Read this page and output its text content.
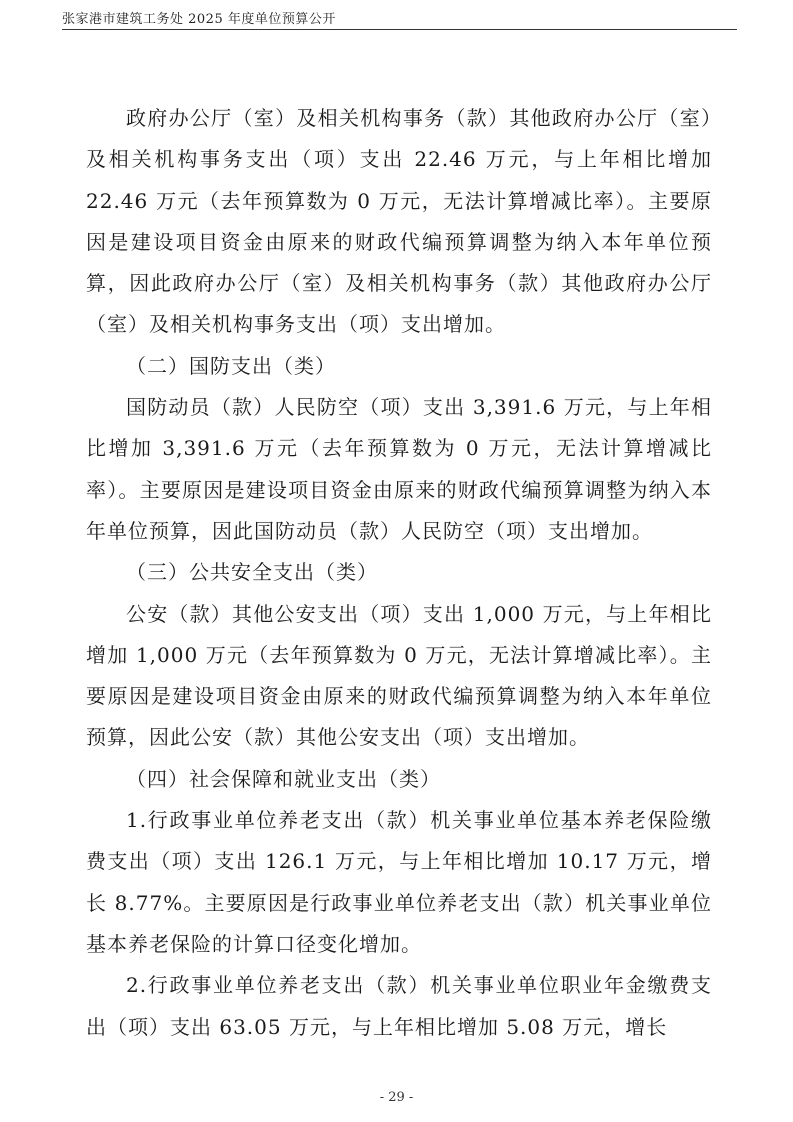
张家港市建筑工务处 2025 年度单位预算公开

政府办公厅（室）及相关机构事务（款）其他政府办公厅（室）及相关机构事务支出（项）支出 22.46 万元，与上年相比增加 22.46 万元（去年预算数为 0 万元，无法计算增减比率）。主要原因是建设项目资金由原来的财政代编预算调整为纳入本年单位预算，因此政府办公厅（室）及相关机构事务（款）其他政府办公厅（室）及相关机构事务支出（项）支出增加。

（二）国防支出（类）

国防动员（款）人民防空（项）支出 3,391.6 万元，与上年相比增加 3,391.6 万元（去年预算数为 0 万元，无法计算增减比率）。主要原因是建设项目资金由原来的财政代编预算调整为纳入本年单位预算，因此国防动员（款）人民防空（项）支出增加。

（三）公共安全支出（类）

公安（款）其他公安支出（项）支出 1,000 万元，与上年相比增加 1,000 万元（去年预算数为 0 万元，无法计算增减比率）。主要原因是建设项目资金由原来的财政代编预算调整为纳入本年单位预算，因此公安（款）其他公安支出（项）支出增加。

（四）社会保障和就业支出（类）

1.行政事业单位养老支出（款）机关事业单位基本养老保险缴费支出（项）支出 126.1 万元，与上年相比增加 10.17 万元，增长 8.77%。主要原因是行政事业单位养老支出（款）机关事业单位基本养老保险的计算口径变化增加。

2.行政事业单位养老支出（款）机关事业单位职业年金缴费支出（项）支出 63.05 万元，与上年相比增加 5.08 万元，增长

- 29 -
